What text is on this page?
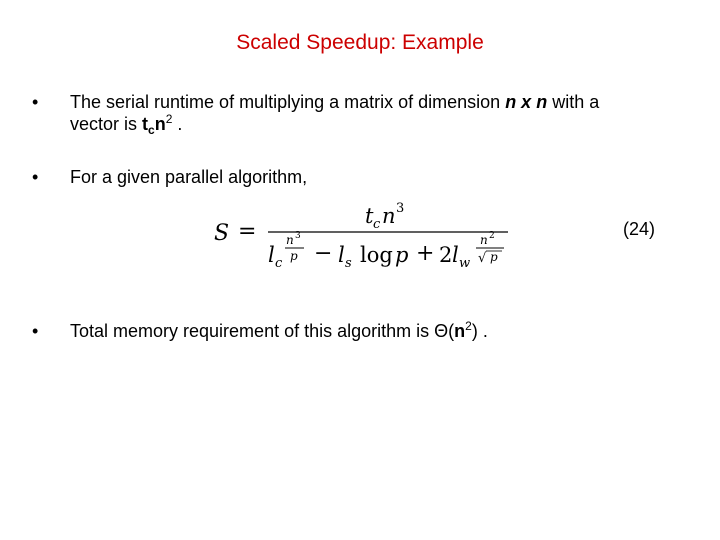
Scaled Speedup: Example
• The serial runtime of multiplying a matrix of dimension n x n with a
vector is $t_cn^2$ .
• For a given parallel algorithm,
S =
t c n 3
l c
n 3
p − l s log p + 2 l w
n 2
√ p
(24)
• Total memory requirement of this algorithm is $\Theta(n^2)$ .
